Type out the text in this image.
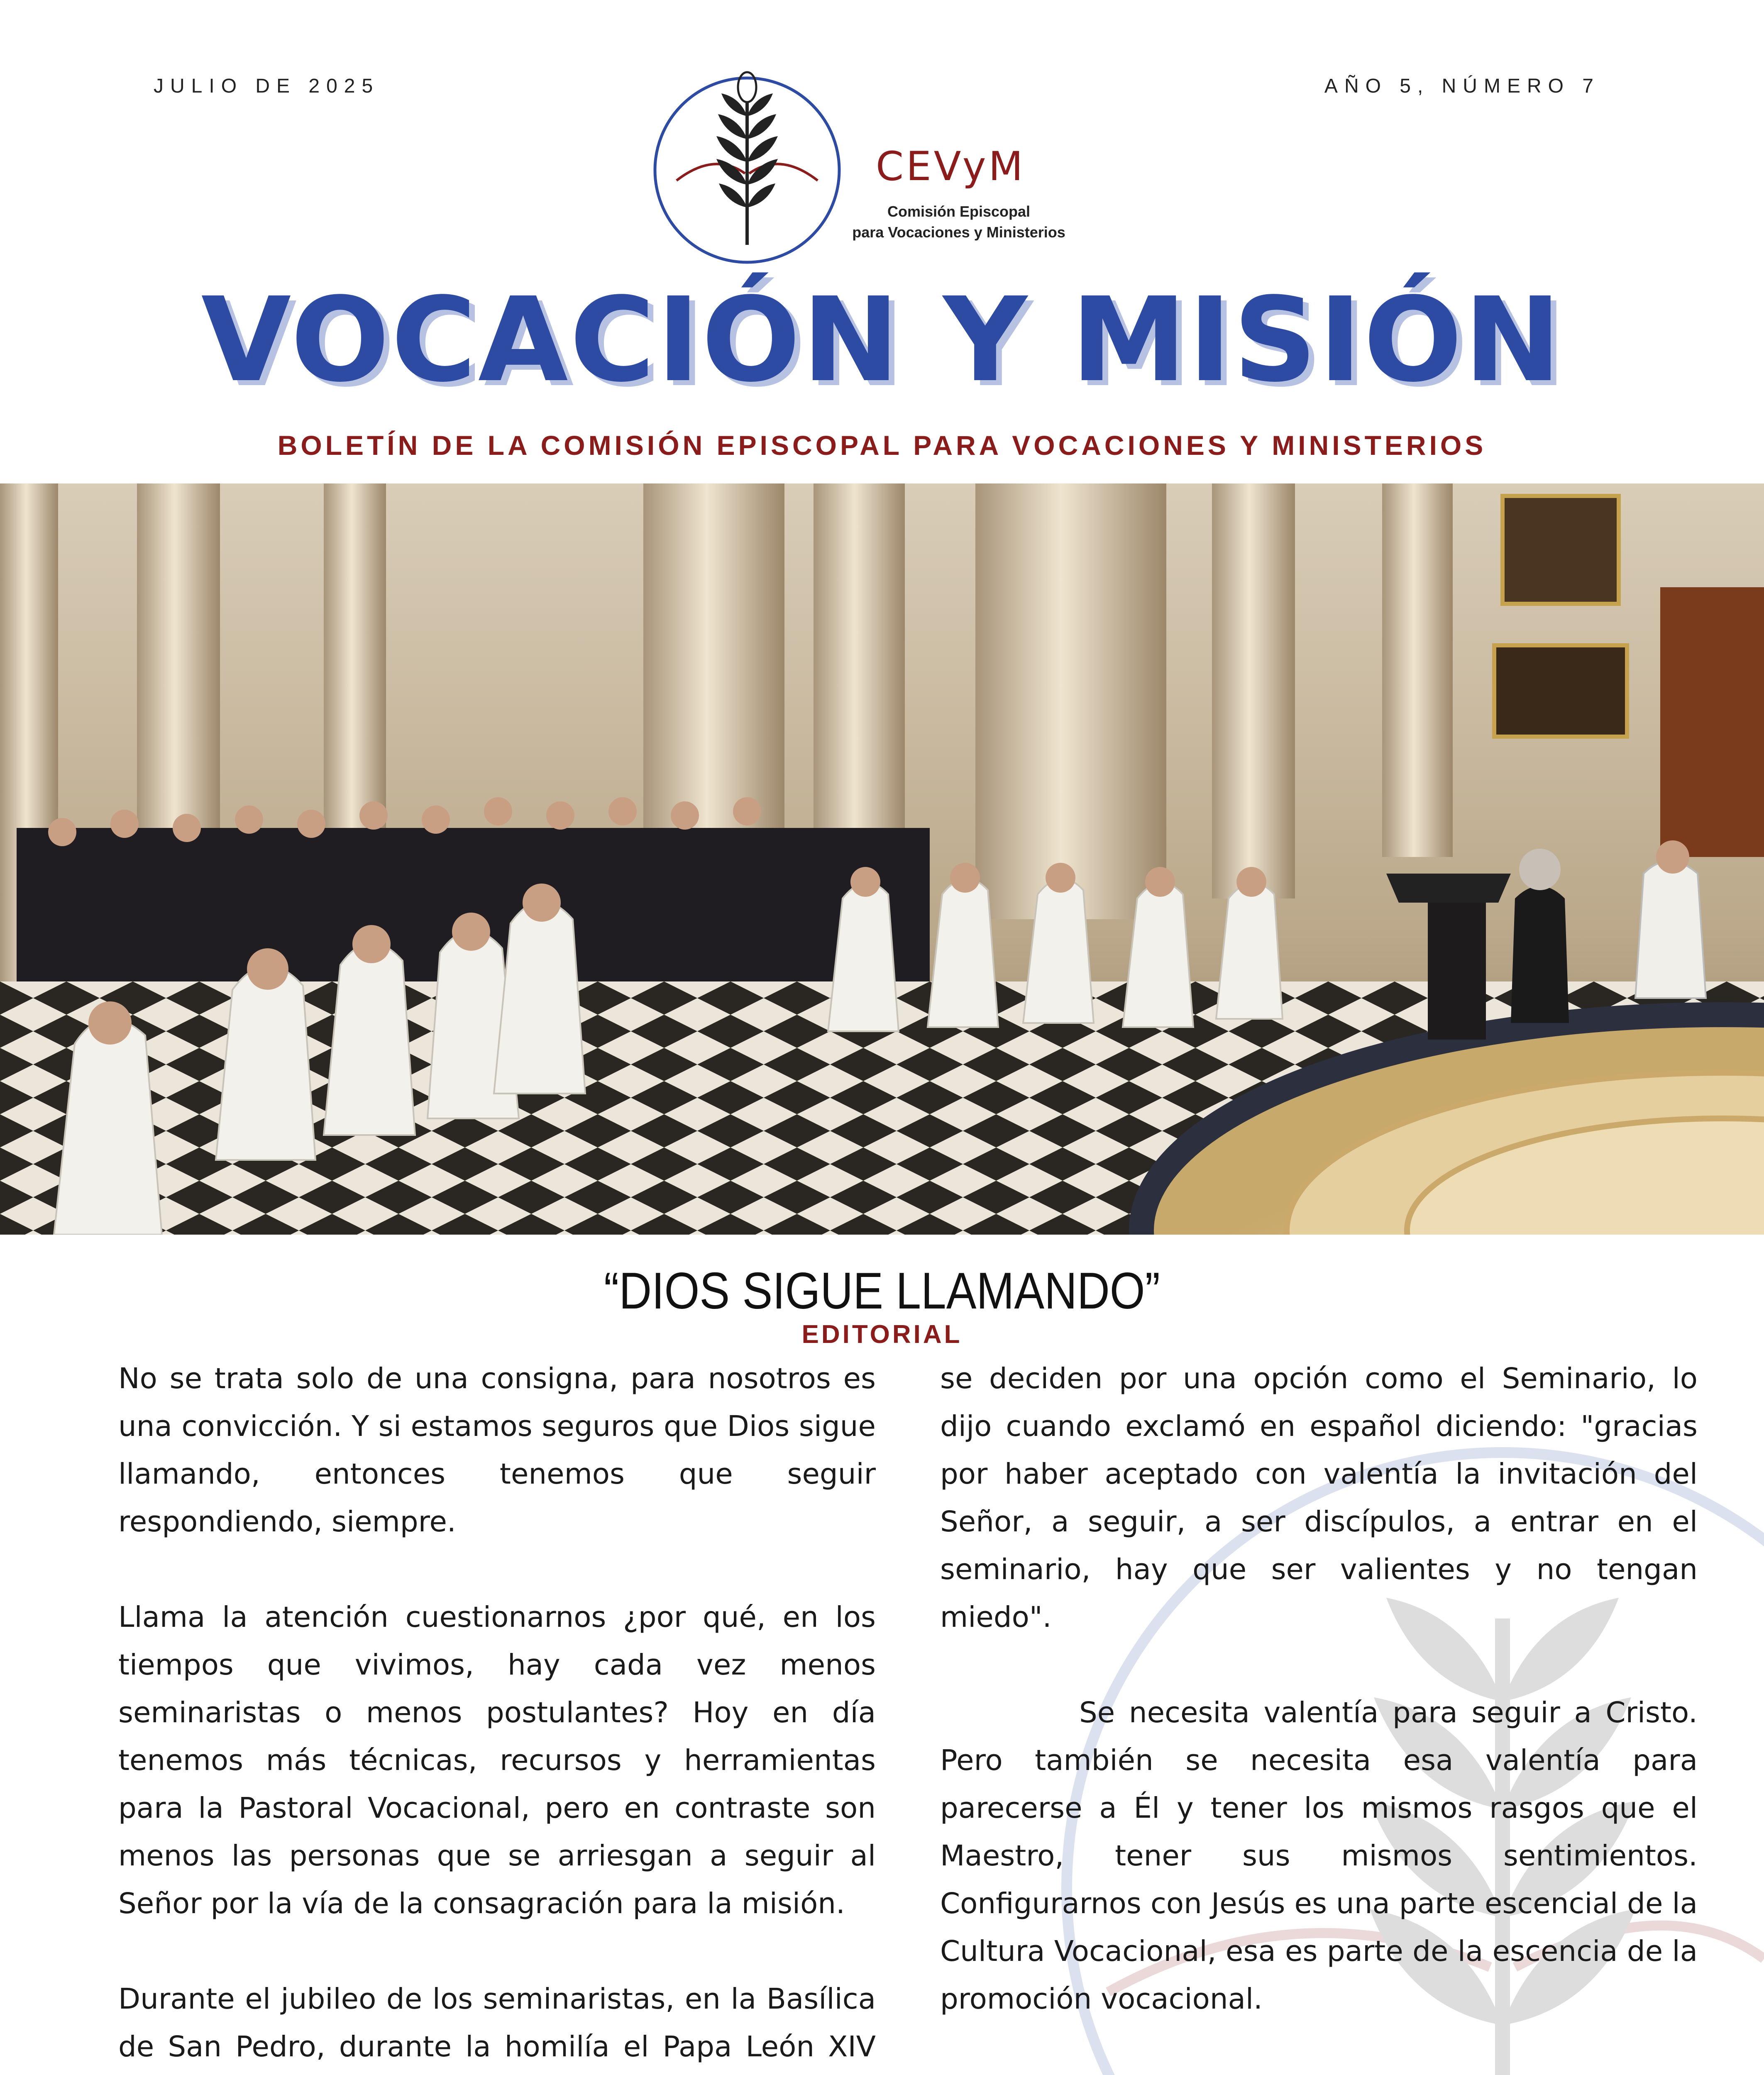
JULIO DE 2025	AÑO 5, NÚMERO 7
CEVyM
Comisión Episcopal
para Vocaciones y Ministerios
VOCACIÓN Y MISIÓN
BOLETÍN DE LA COMISIÓN EPISCOPAL PARA VOCACIONES Y MINISTERIOS
“DIOS SIGUE LLAMANDO”
EDITORIAL

No se trata solo de una consigna, para nosotros es una convicción. Y si estamos seguros que Dios sigue llamando, entonces tenemos que seguir respondiendo, siempre.

Llama la atención cuestionarnos ¿por qué, en los tiempos que vivimos, hay cada vez menos seminaristas o menos postulantes? Hoy en día tenemos más técnicas, recursos y herramientas para la Pastoral Vocacional, pero en contraste son menos las personas que se arriesgan a seguir al Señor por la vía de la consagración para la misión.

Durante el jubileo de los seminaristas, en la Basílica de San Pedro, durante la homilía el Papa León XIV

se deciden por una opción como el Seminario, lo dijo cuando exclamó en español diciendo: "gracias por haber aceptado con valentía la invitación del Señor, a seguir, a ser discípulos, a entrar en el seminario, hay que ser valientes y no tengan miedo".

Se necesita valentía para seguir a Cristo. Pero también se necesita esa valentía para parecerse a Él y tener los mismos rasgos que el Maestro, tener sus mismos sentimientos. Configurarnos con Jesús es una parte escencial de la Cultura Vocacional, esa es parte de la escencia de la promoción vocacional.
